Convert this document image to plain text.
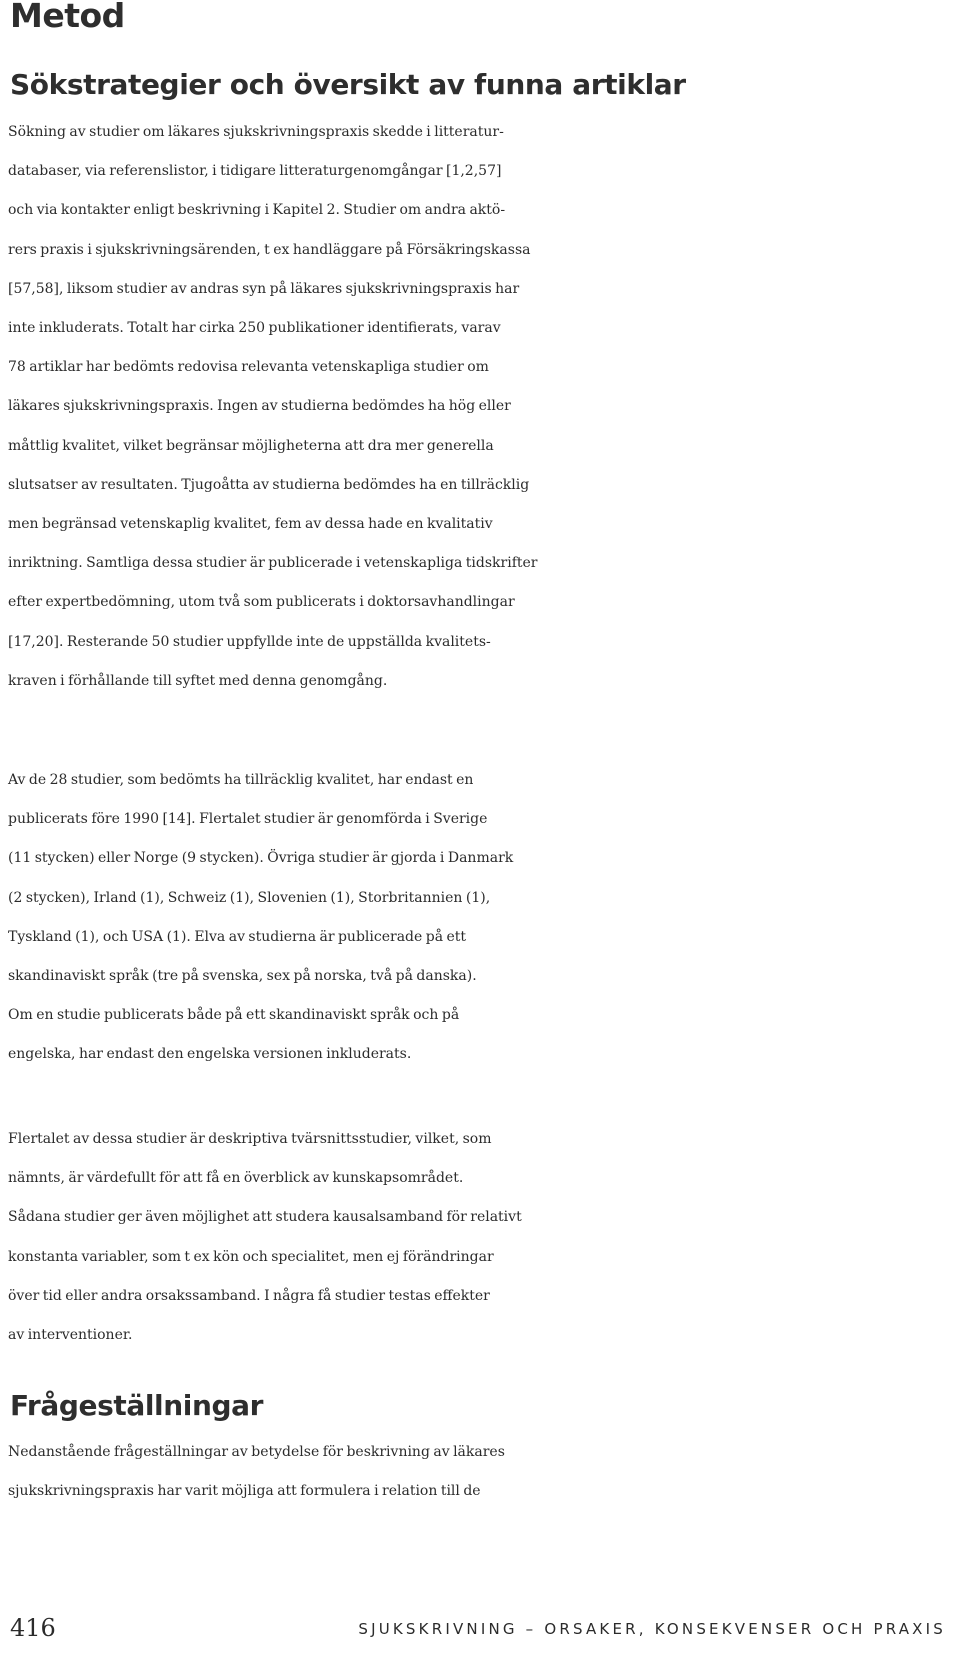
Metod
Sökstrategier och översikt av funna artiklar

Sökning av studier om läkares sjukskrivningspraxis skedde i litteratur-
databaser, via referenslistor, i tidigare litteraturgenomgångar [1,2,57]
och via kontakter enligt beskrivning i Kapitel 2. Studier om andra aktö-
rers praxis i sjukskrivningsärenden, t ex handläggare på Försäkringskassa
[57,58], liksom studier av andras syn på läkares sjukskrivningspraxis har
inte inkluderats. Totalt har cirka 250 publikationer identifierats, varav
78 artiklar har bedömts redovisa relevanta vetenskapliga studier om
läkares sjukskrivningspraxis. Ingen av studierna bedömdes ha hög eller
måttlig kvalitet, vilket begränsar möjligheterna att dra mer generella
slutsatser av resultaten. Tjugoåtta av studierna bedömdes ha en tillräcklig
men begränsad vetenskaplig kvalitet, fem av dessa hade en kvalitativ
inriktning. Samtliga dessa studier är publicerade i vetenskapliga tidskrifter
efter expertbedömning, utom två som publicerats i doktorsavhandlingar
[17,20]. Resterande 50 studier uppfyllde inte de uppställda kvalitets-
kraven i förhållande till syftet med denna genomgång.

Av de 28 studier, som bedömts ha tillräcklig kvalitet, har endast en
publicerats före 1990 [14]. Flertalet studier är genomförda i Sverige
(11 stycken) eller Norge (9 stycken). Övriga studier är gjorda i Danmark
(2 stycken), Irland (1), Schweiz (1), Slovenien (1), Storbritannien (1),
Tyskland (1), och USA (1). Elva av studierna är publicerade på ett
skandinaviskt språk (tre på svenska, sex på norska, två på danska).
Om en studie publicerats både på ett skandinaviskt språk och på
engelska, har endast den engelska versionen inkluderats.

Flertalet av dessa studier är deskriptiva tvärsnittsstudier, vilket, som
nämnts, är värdefullt för att få en överblick av kunskapsområdet.
Sådana studier ger även möjlighet att studera kausalsamband för relativt
konstanta variabler, som t ex kön och specialitet, men ej förändringar
över tid eller andra orsakssamband. I några få studier testas effekter
av interventioner.

Frågeställningar

Nedanstående frågeställningar av betydelse för beskrivning av läkares
sjukskrivningspraxis har varit möjliga att formulera i relation till de

416	SJUKSKRIVNING – ORSAKER, KONSEKVENSER OCH PRAXIS
